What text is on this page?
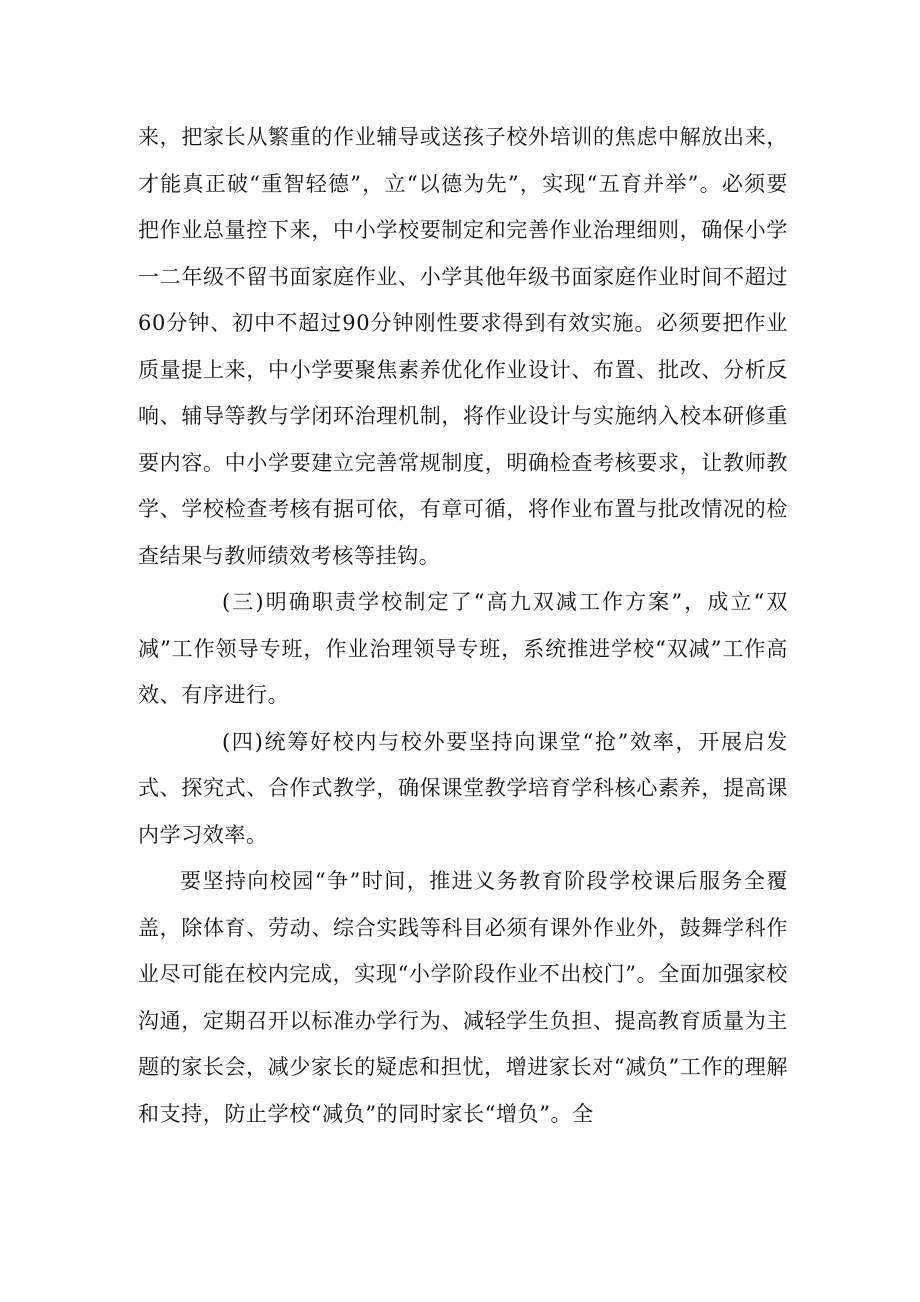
来，把家长从繁重的作业辅导或送孩子校外培训的焦虑中解放出来，才能真正破“重智轻德”，立“以德为先”，实现“五育并举”。必须要把作业总量控下来，中小学校要制定和完善作业治理细则，确保小学一二年级不留书面家庭作业、小学其他年级书面家庭作业时间不超过60分钟、初中不超过90分钟刚性要求得到有效实施。必须要把作业质量提上来，中小学要聚焦素养优化作业设计、布置、批改、分析反响、辅导等教与学闭环治理机制，将作业设计与实施纳入校本研修重要内容。中小学要建立完善常规制度，明确检查考核要求，让教师教学、学校检查考核有据可依，有章可循，将作业布置与批改情况的检查结果与教师绩效考核等挂钩。

(三)明确职责学校制定了“高九双减工作方案”，成立“双减”工作领导专班，作业治理领导专班，系统推进学校“双减”工作高效、有序进行。

(四)统筹好校内与校外要坚持向课堂“抢”效率，开展启发式、探究式、合作式教学，确保课堂教学培育学科核心素养，提高课内学习效率。

要坚持向校园“争”时间，推进义务教育阶段学校课后服务全覆盖，除体育、劳动、综合实践等科目必须有课外作业外，鼓舞学科作业尽可能在校内完成，实现“小学阶段作业不出校门”。全面加强家校沟通，定期召开以标准办学行为、减轻学生负担、提高教育质量为主题的家长会，减少家长的疑虑和担忧，增进家长对“减负”工作的理解和支持，防止学校“减负”的同时家长“增负”。全
